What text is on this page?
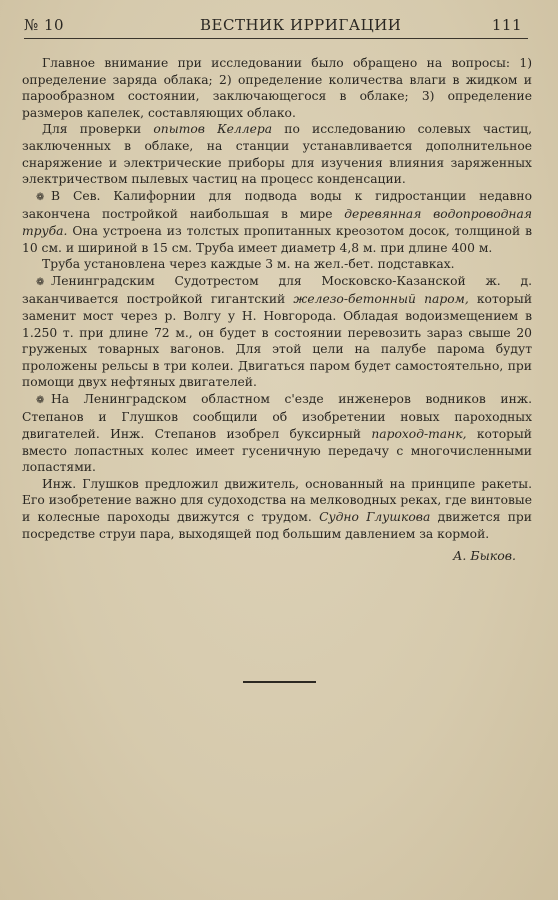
№ 10	ВЕСТНИК ИРРИГАЦИИ	111

Главное внимание при исследовании было обращено на вопросы: 1) определение заряда облака; 2) определение количества влаги в жидком и парообразном состоянии, заключающегося в облаке; 3) определение размеров капелек, составляющих облако.

Для проверки опытов Келлера по исследованию солевых частиц, заключенных в облаке, на станции устанавливается дополнительное снаряжение и электрические приборы для изучения влияния заряженных электричеством пылевых частиц на процесс конденсации.

❁ В Сев. Калифорнии для подвода воды к гидростанции недавно закончена постройкой наибольшая в мире деревянная водопроводная труба. Она устроена из толстых пропитанных креозотом досок, толщиной в 10 см. и шириной в 15 см. Труба имеет диаметр 4,8 м. при длине 400 м.

Труба установлена через каждые 3 м. на жел.-бет. подставках.

❁ Ленинградским Судотрестом для Московско-Казанской ж. д. заканчивается постройкой гигантский железо-бетонный паром, который заменит мост через р. Волгу у Н. Новгорода. Обладая водоизмещением в 1.250 т. при длине 72 м., он будет в состоянии перевозить зараз свыше 20 груженых товарных вагонов. Для этой цели на палубе парома будут проложены рельсы в три колеи. Двигаться паром будет самостоятельно, при помощи двух нефтяных двигателей.

❁ На Ленинградском областном с'езде инженеров водников инж. Степанов и Глушков сообщили об изобретении новых пароходных двигателей. Инж. Степанов изобрел буксирный пароход-танк, который вместо лопастных колес имеет гусеничную передачу с многочисленными лопастями.

Инж. Глушков предложил движитель, основанный на принципе ракеты. Его изобретение важно для судоходства на мелководных реках, где винтовые и колесные пароходы движутся с трудом. Судно Глушкова движется при посредстве струи пара, выходящей под большим давлением за кормой.

А. Быков.
